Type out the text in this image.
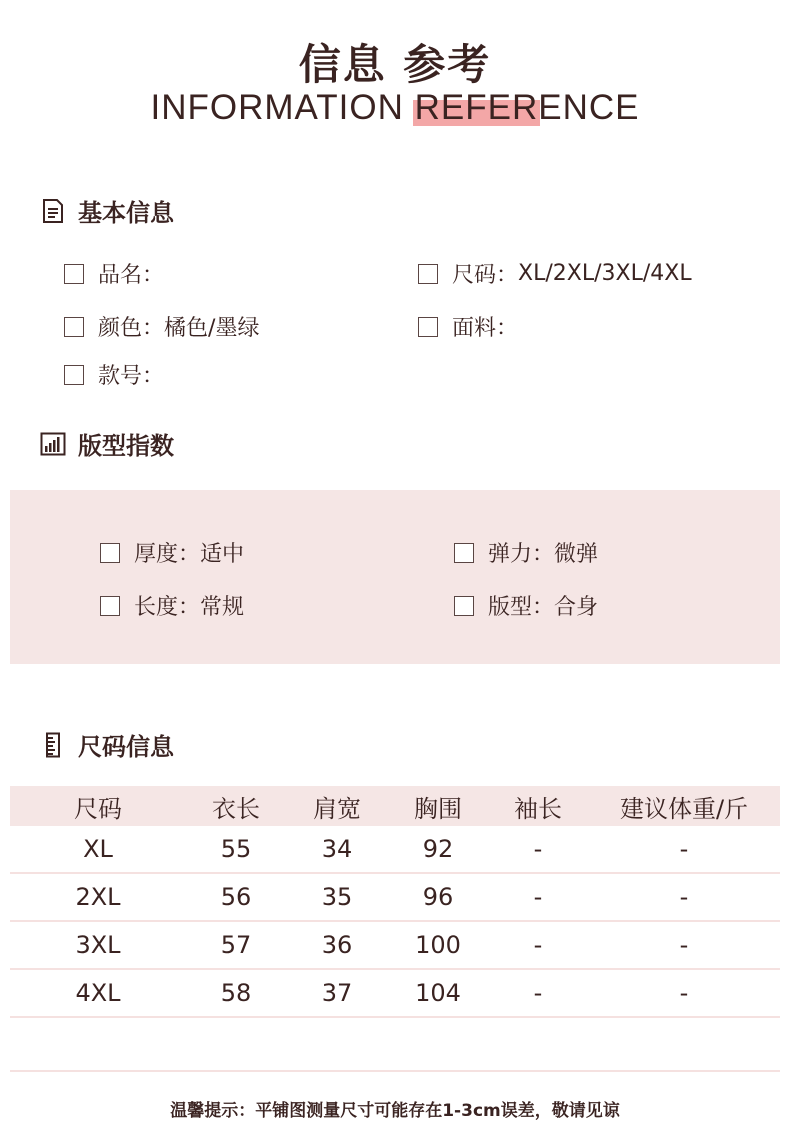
信息 参考
INFORMATION REFERENCE
基本信息
品名 ：	尺码 ：	XL/2XL/3XL/4XL
颜色 ：	橘色/墨绿	面料 ：
款号 ：
版型指数
厚度 ：	适中	弹力 ：	微弹
长度 ：	常规	版型 ：	合身
尺码信息
尺码	衣长	肩宽	胸围	袖长	建议体重/斤
XL	55	34	92	-	-
2XL	56	35	96	-	-
3XL	57	36	100	-	-
4XL	58	37	104	-	-
温馨提示：平铺图测量尺寸可能存在1-3cm误差，敬请见谅
